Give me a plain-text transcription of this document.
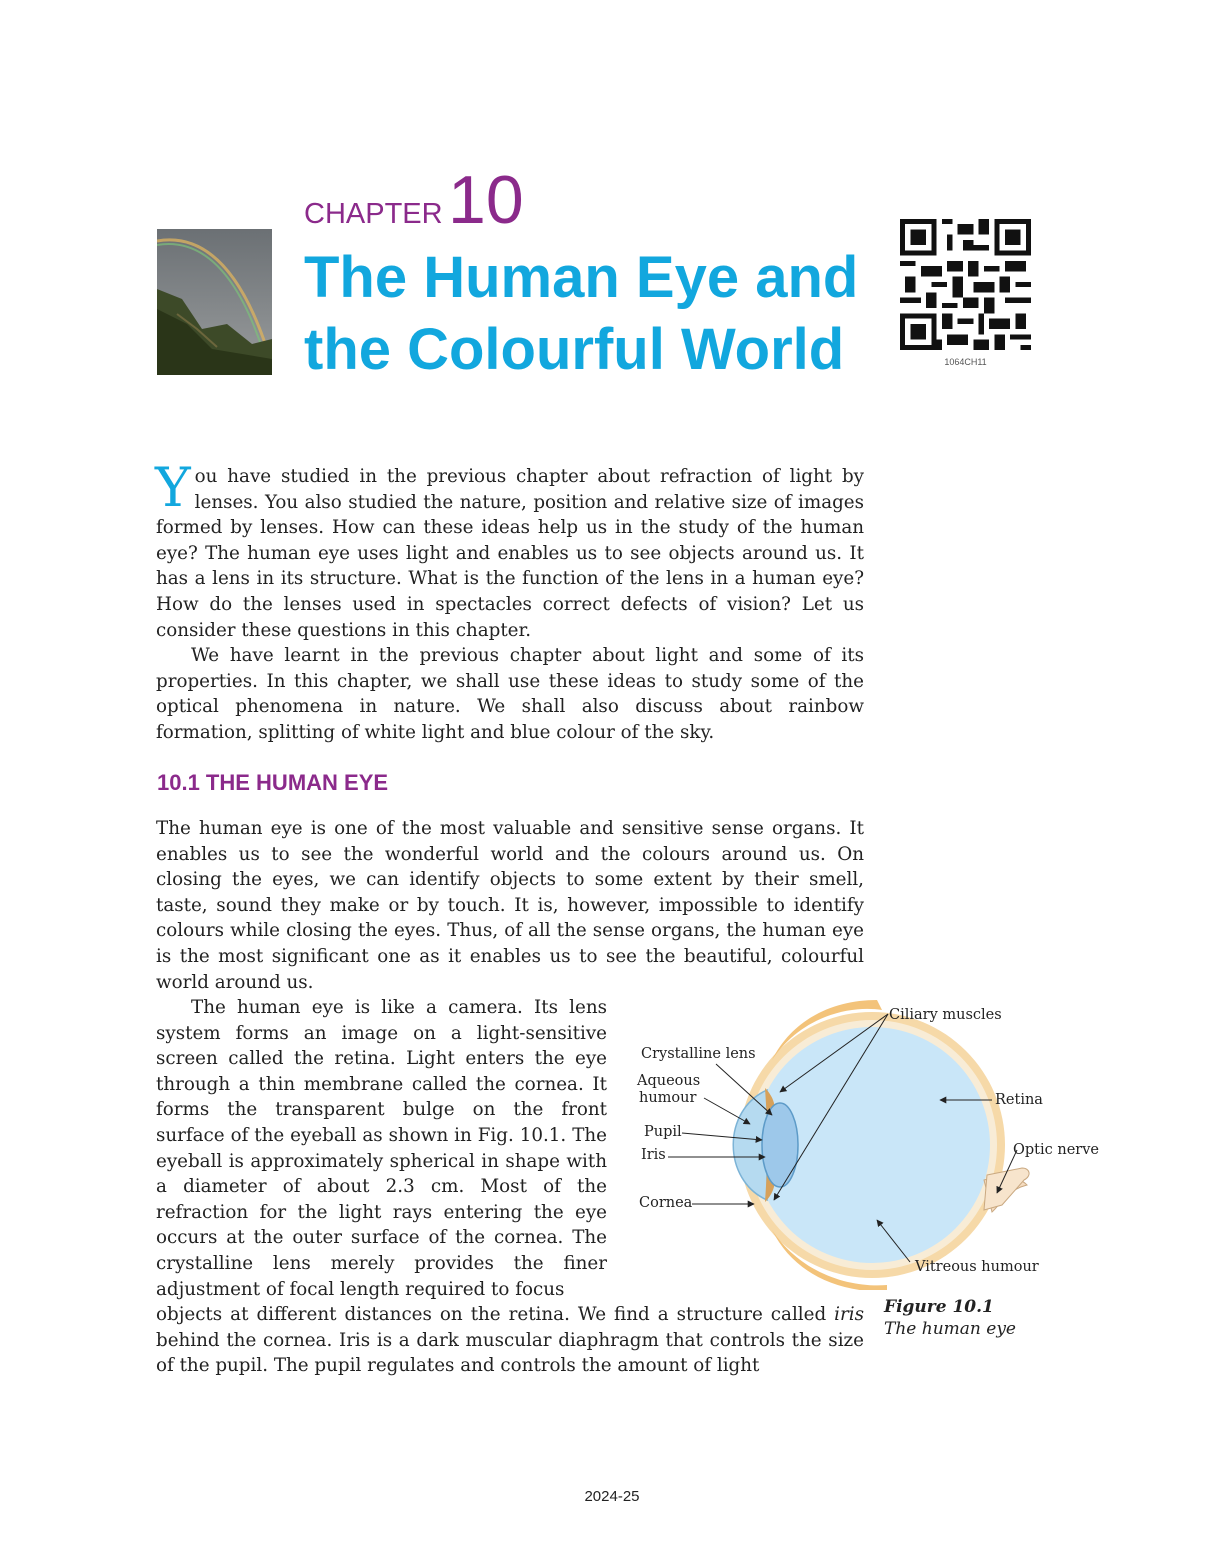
CHAPTER 10
The Human Eye and
the Colourful World	1064CH11
You have studied in the previous chapter about refraction of light by lenses. You also studied the nature, position and relative size of images formed by lenses. How can these ideas help us in the study of the human eye? The human eye uses light and enables us to see objects around us. It has a lens in its structure. What is the function of the lens in a human eye? How do the lenses used in spectacles correct defects of vision? Let us consider these questions in this chapter.

We have learnt in the previous chapter about light and some of its properties. In this chapter, we shall use these ideas to study some of the optical phenomena in nature. We shall also discuss about rainbow formation, splitting of white light and blue colour of the sky.

10.1 THE HUMAN EYE

The human eye is one of the most valuable and sensitive sense organs. It enables us to see the wonderful world and the colours around us. On closing the eyes, we can identify objects to some extent by their smell, taste, sound they make or by touch. It is, however, impossible to identify colours while closing the eyes. Thus, of all the sense organs, the human eye is the most significant one as it enables us to see the beautiful, colourful world around us.

The human eye is like a camera. Its lens system forms an image on a light-sensitive screen called the retina. Light enters the eye through a thin membrane called the cornea. It forms the transparent bulge on the front surface of the eyeball as shown in Fig. 10.1. The eyeball is approximately spherical in shape with a diameter of about 2.3 cm. Most of the refraction for the light rays entering the eye occurs at the outer surface of the cornea. The crystalline lens merely provides the finer adjustment of focal length required to focus

objects at different distances on the retina. We find a structure called iris behind the cornea. Iris is a dark muscular diaphragm that controls the size of the pupil. The pupil regulates and controls the amount of light

Ciliary muscles
Crystalline lens
Aqueous
humour	Retina
Pupil
Iris	Optic nerve
Cornea
Vitreous humour
Figure 10.1
The human eye
2024-25
